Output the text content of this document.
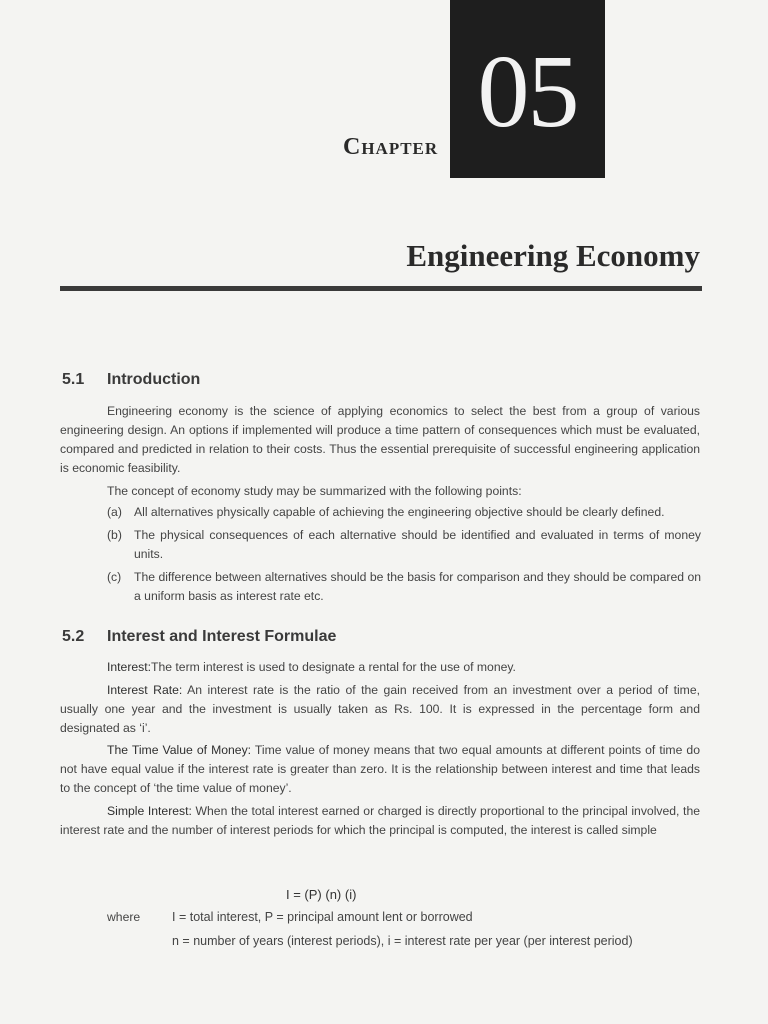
05
Chapter
Engineering Economy
5.1 Introduction

Engineering economy is the science of applying economics to select the best from a group of various engineering design. An options if implemented will produce a time pattern of consequences which must be evaluated, compared and predicted in relation to their costs. Thus the essential prerequisite of successful engineering application is economic feasibility.

The concept of economy study may be summarized with the following points:
(a) All alternatives physically capable of achieving the engineering objective should be clearly defined.
(b) The physical consequences of each alternative should be identified and evaluated in terms of money units.
(c)	The difference between alternatives should be the basis for comparison and they should be compared on a uniform basis as interest rate etc.
5.2 Interest and Interest Formulae

Interest:The term interest is used to designate a rental for the use of money.

Interest Rate: An interest rate is the ratio of the gain received from an investment over a period of time, usually one year and the investment is usually taken as Rs. 100. It is expressed in the percentage form and designated as ‘i’.

The Time Value of Money: Time value of money means that two equal amounts at different points of time do not have equal value if the interest rate is greater than zero. It is the relationship between interest and time that leads to the concept of ‘the time value of money’.

Simple Interest: When the total interest earned or charged is directly proportional to the principal involved, the interest rate and the number of interest periods for which the principal is computed, the interest is called simple

I = (P) (n) (i)
where	I = total interest, P = principal amount lent or borrowed
n = number of years (interest periods), i = interest rate per year (per interest period)
